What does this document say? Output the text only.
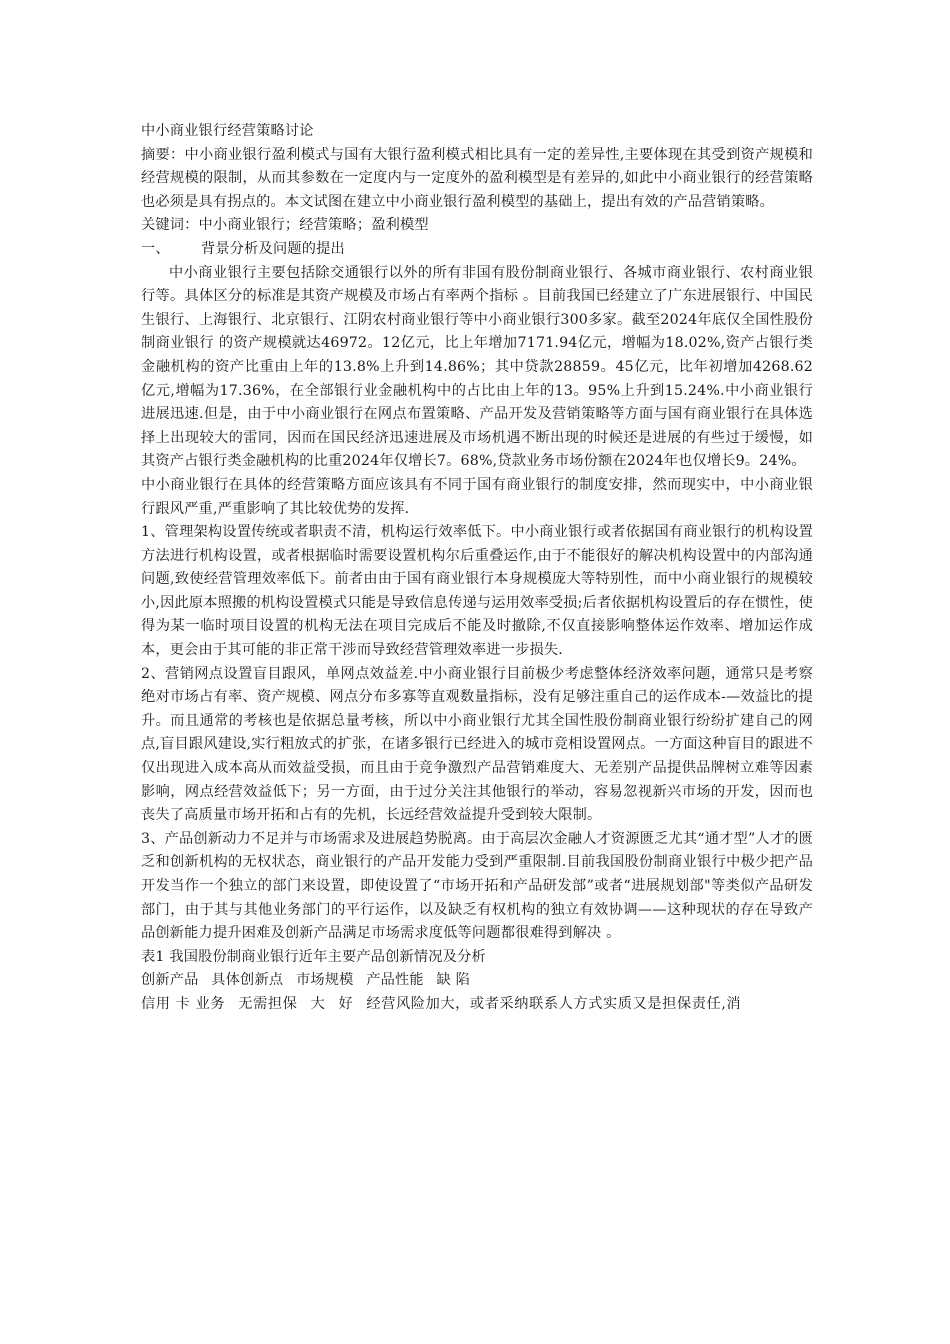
中小商业银行经营策略讨论

摘要：中小商业银行盈利模式与国有大银行盈利模式相比具有一定的差异性,主要体现在其受到资产规模和经营规模的限制，从而其参数在一定度内与一定度外的盈利模型是有差异的,如此中小商业银行的经营策略也必须是具有拐点的。本文试图在建立中小商业银行盈利模型的基础上，提出有效的产品营销策略。

关键词：中小商业银行；经营策略；盈利模型

一、	背景分析及问题的提出

中小商业银行主要包括除交通银行以外的所有非国有股份制商业银行、各城市商业银行、农村商业银行等。具体区分的标准是其资产规模及市场占有率两个指标 。目前我国已经建立了广东进展银行、中国民生银行、上海银行、北京银行、江阴农村商业银行等中小商业银行300多家。截至2024年底仅全国性股份制商业银行 的资产规模就达46972。12亿元，比上年增加7171.94亿元，增幅为18.02%,资产占银行类金融机构的资产比重由上年的13.8%上升到14.86%；其中贷款28859。45亿元，比年初增加4268.62亿元,增幅为17.36%，在全部银行业金融机构中的占比由上年的13。95%上升到15.24%.中小商业银行进展迅速.但是，由于中小商业银行在网点布置策略、产品开发及营销策略等方面与国有商业银行在具体选择上出现较大的雷同，因而在国民经济迅速进展及市场机遇不断出现的时候还是进展的有些过于缓慢，如其资产占银行类金融机构的比重2024年仅增长7。68%,贷款业务市场份额在2024年也仅增长9。24%。

中小商业银行在具体的经营策略方面应该具有不同于国有商业银行的制度安排，然而现实中，中小商业银行跟风严重,严重影响了其比较优势的发挥.

1、管理架构设置传统或者职责不清，机构运行效率低下。中小商业银行或者依据国有商业银行的机构设置方法进行机构设置，或者根据临时需要设置机构尔后重叠运作,由于不能很好的解决机构设置中的内部沟通问题,致使经营管理效率低下。前者由由于国有商业银行本身规模庞大等特别性，而中小商业银行的规模较小,因此原本照搬的机构设置模式只能是导致信息传递与运用效率受损;后者依据机构设置后的存在惯性，使得为某一临时项目设置的机构无法在项目完成后不能及时撤除,不仅直接影响整体运作效率、增加运作成本，更会由于其可能的非正常干涉而导致经营管理效率进一步损失.

2、营销网点设置盲目跟风，单网点效益差.中小商业银行目前极少考虑整体经济效率问题，通常只是考察绝对市场占有率、资产规模、网点分布多寡等直观数量指标，没有足够注重自己的运作成本-—效益比的提升。而且通常的考核也是依据总量考核，所以中小商业银行尤其全国性股份制商业银行纷纷扩建自己的网点,盲目跟风建设,实行粗放式的扩张，在诸多银行已经进入的城市竞相设置网点。一方面这种盲目的跟进不仅出现进入成本高从而效益受损，而且由于竞争激烈产品营销难度大、无差别产品提供品牌树立难等因素影响，网点经营效益低下；另一方面，由于过分关注其他银行的举动，容易忽视新兴市场的开发，因而也丧失了高质量市场开拓和占有的先机，长远经营效益提升受到较大限制。

3、产品创新动力不足并与市场需求及进展趋势脱离。由于高层次金融人才资源匮乏尤其“通才型”人才的匮乏和创新机构的无权状态，商业银行的产品开发能力受到严重限制.目前我国股份制商业银行中极少把产品开发当作一个独立的部门来设置，即使设置了“市场开拓和产品研发部”或者“进展规划部"等类似产品研发部门，由于其与其他业务部门的平行运作，以及缺乏有权机构的独立有效协调——这种现状的存在导致产品创新能力提升困难及创新产品满足市场需求度低等问题都很难得到解决 。

表1 我国股份制商业银行近年主要产品创新情况及分析

创新产品 具体创新点 市场规模 产品性能 缺 陷

信用 卡 业务 无需担保 大 好 经营风险加大，或者采纳联系人方式实质又是担保责任,消
